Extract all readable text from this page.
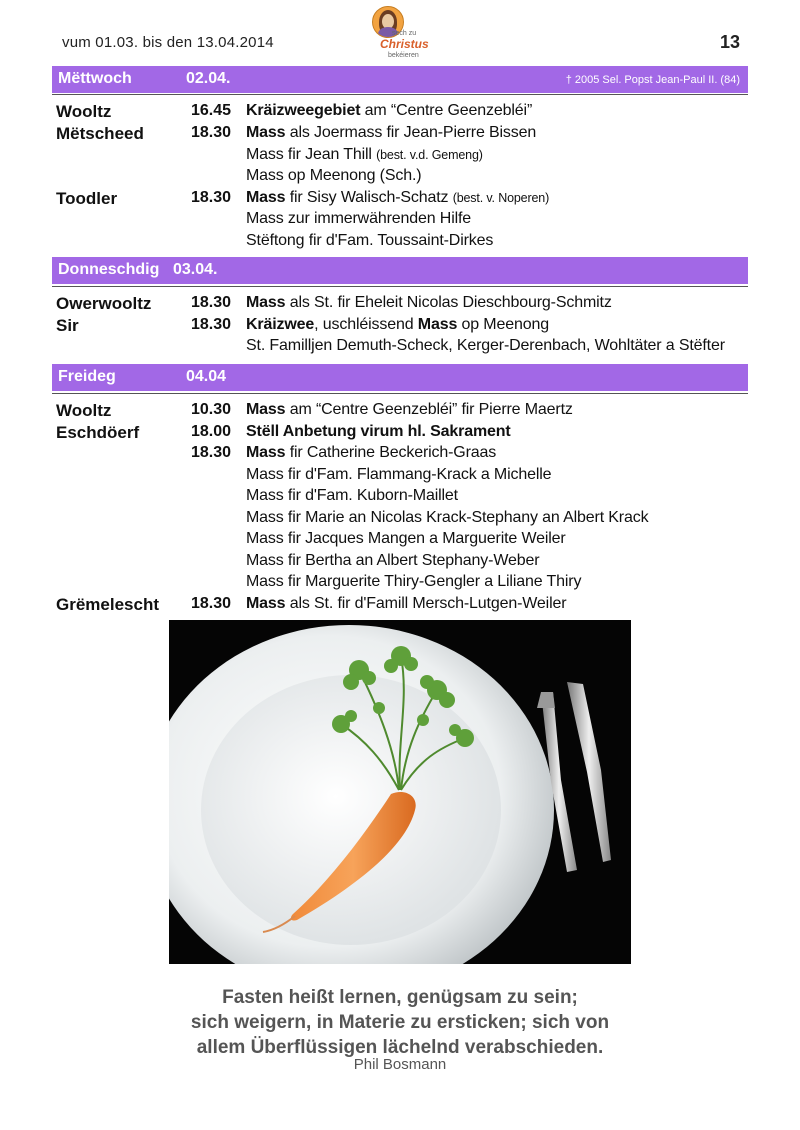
vum 01.03. bis den 13.04.2014
sech zu
Christus
bekéieren
13
Mëttwoch	02.04.	† 2005 Sel. Popst Jean-Paul II. (84)
Wooltz	16.45 Kräizweegebiet am “Centre Geenzebléi”
Mëtscheed	18.30 Mass als Joermass fir Jean-Pierre Bissen
Mass fir Jean Thill (best. v.d. Gemeng)
Mass op Meenong (Sch.)
Toodler	18.30 Mass fir Sisy Walisch-Schatz (best. v. Noperen)
Mass zur immerwährenden Hilfe
Stëftong fir d'Fam. Toussaint-Dirkes
Donneschdig 03.04.
Owerwooltz 18.30 Mass als St. fir Eheleit Nicolas Dieschbourg-Schmitz
Sir	18.30 Kräizwee, uschléissend Mass op Meenong
St. Familljen Demuth-Scheck, Kerger-Derenbach, Wohltäter a Stëfter
Freideg	04.04
Wooltz	10.30 Mass am “Centre Geenzebléi” fir Pierre Maertz
Eschdöerf	18.00 Stëll Anbetung virum hl. Sakrament
18.30 Mass fir Catherine Beckerich-Graas
Mass fir d'Fam. Flammang-Krack a Michelle
Mass fir d'Fam. Kuborn-Maillet
Mass fir Marie an Nicolas Krack-Stephany an Albert Krack
Mass fir Jacques Mangen a Marguerite Weiler
Mass fir Bertha an Albert Stephany-Weber
Mass fir Marguerite Thiry-Gengler a Liliane Thiry
Grëmelescht 18.30 Mass als St. fir d'Famill Mersch-Lutgen-Weiler
Fasten heißt lernen, genügsam zu sein;
sich weigern, in Materie zu ersticken; sich von
allem Überflüssigen lächelnd verabschieden.
Phil Bosmann
